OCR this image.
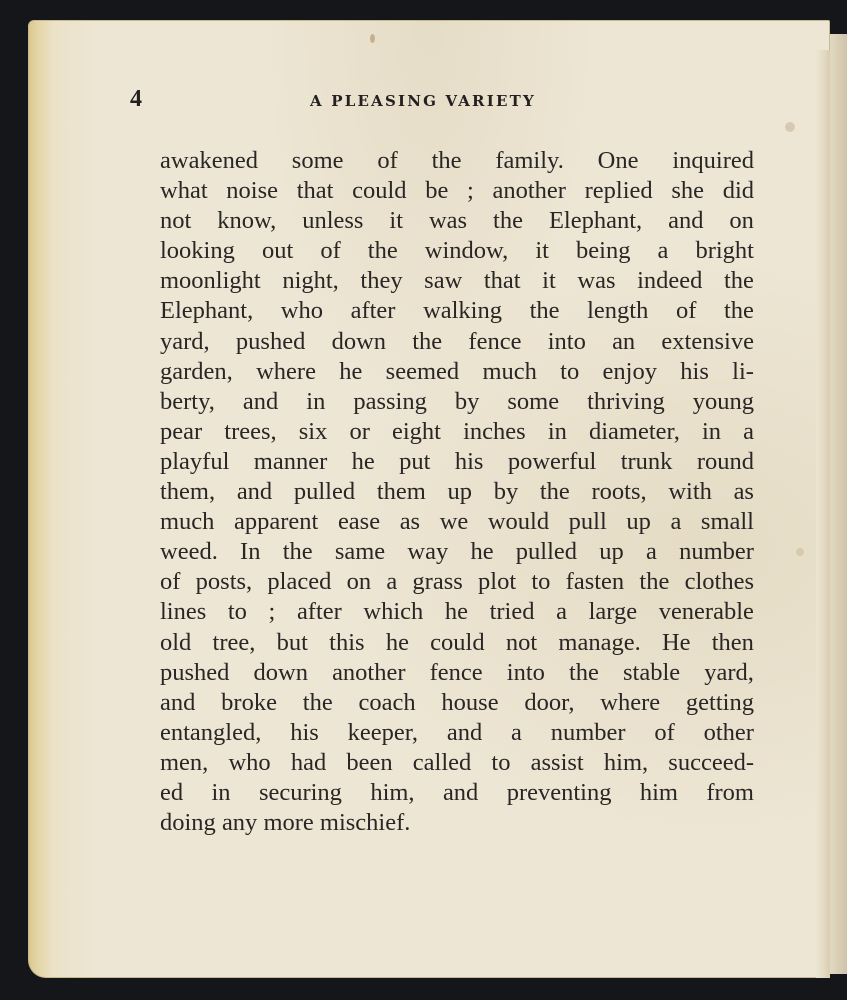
4	A PLEASING VARIETY
awakened some of the family. One inquired
what noise that could be ; another replied she did
not know, unless it was the Elephant, and on
looking out of the window, it being a bright
moonlight night, they saw that it was indeed the
Elephant, who after walking the length of the
yard, pushed down the fence into an extensive
garden, where he seemed much to enjoy his li-
berty, and in passing by some thriving young
pear trees, six or eight inches in diameter, in a
playful manner he put his powerful trunk round
them, and pulled them up by the roots, with as
much apparent ease as we would pull up a small
weed. In the same way he pulled up a number
of posts, placed on a grass plot to fasten the clothes
lines to ; after which he tried a large venerable
old tree, but this he could not manage. He then
pushed down another fence into the stable yard,
and broke the coach house door, where getting
entangled, his keeper, and a number of other
men, who had been called to assist him, succeed-
ed in securing him, and preventing him from
doing
any
more
mischief.
